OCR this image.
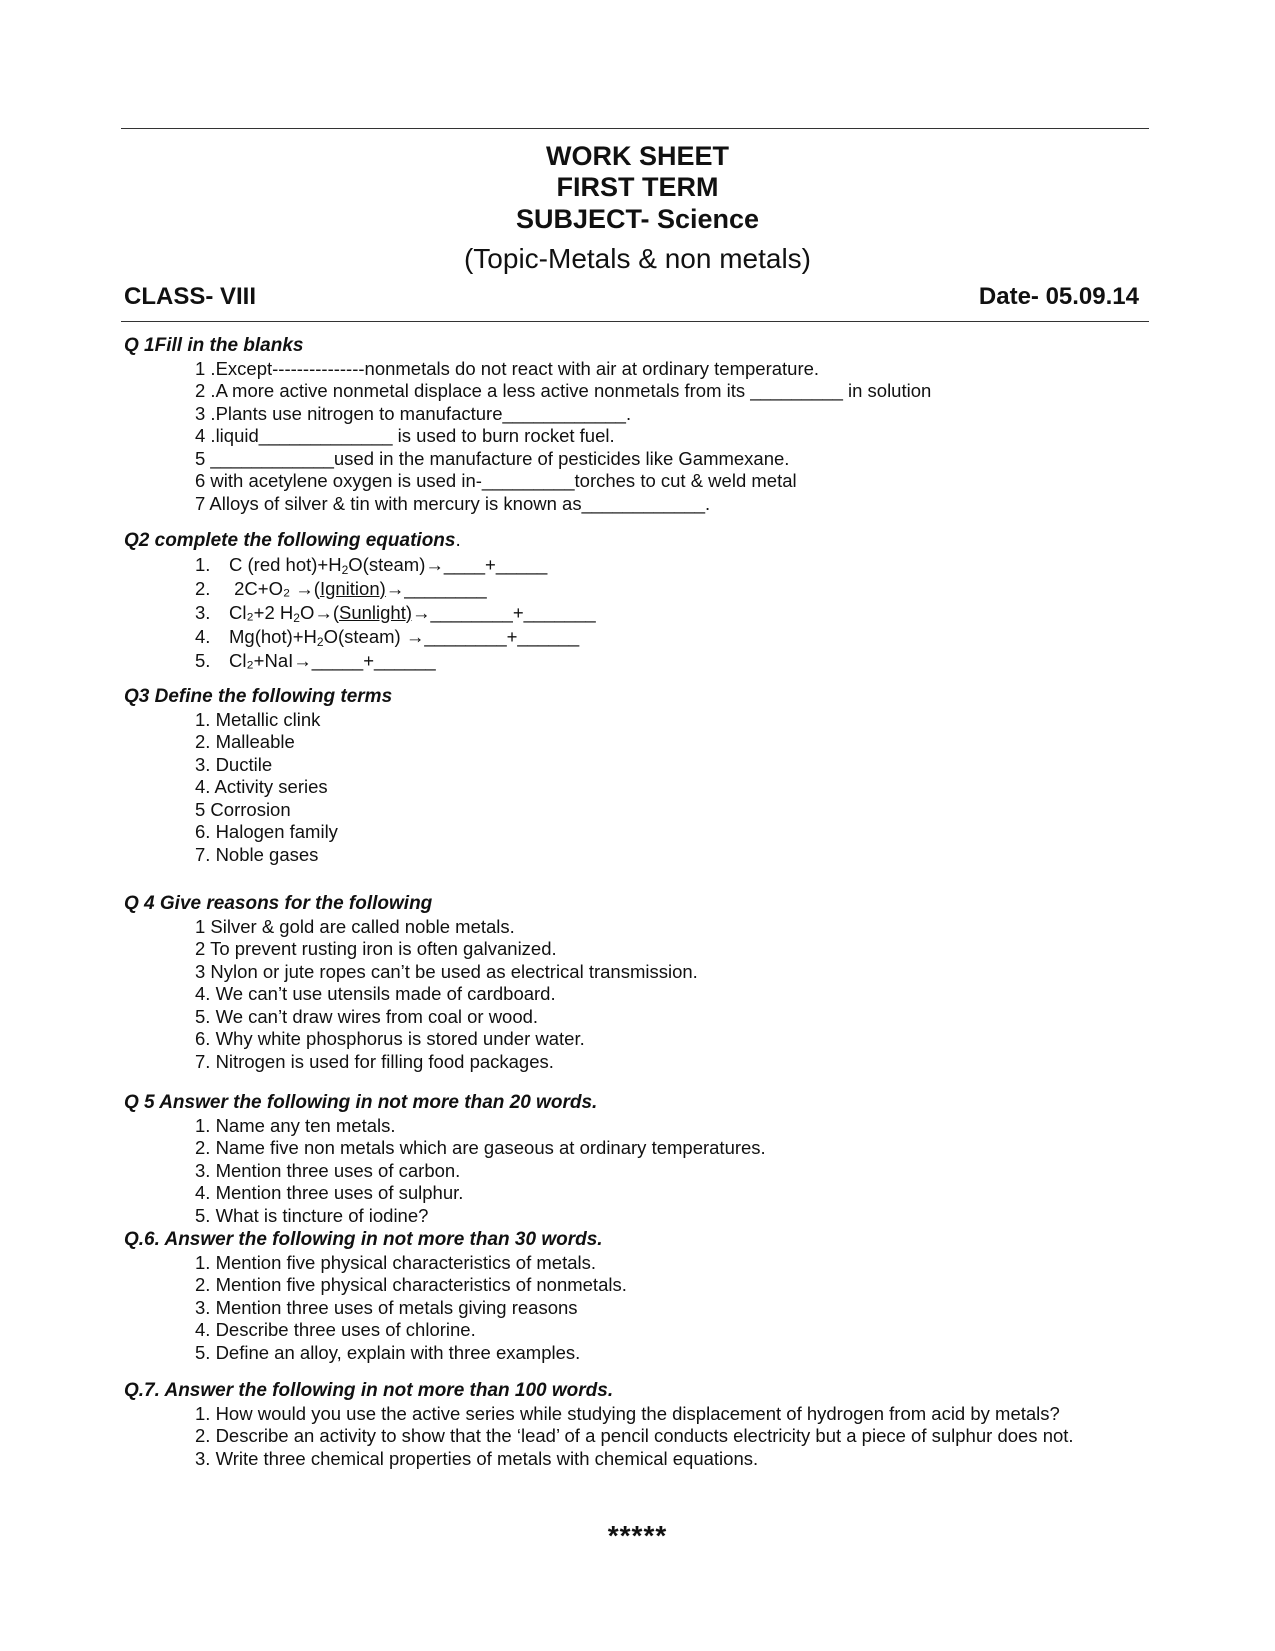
WORK SHEET
FIRST TERM
SUBJECT- Science
(Topic-Metals & non metals)
CLASS- VIII	Date- 05.09.14
Q 1Fill in the blanks
1 .Except---------------nonmetals do not react with air at ordinary temperature.
2 .A more active nonmetal displace a less active nonmetals from its _________ in solution
3 .Plants use nitrogen to manufacture____________.
4 .liquid_____________ is used to burn rocket fuel.
5 ____________used in the manufacture of pesticides like Gammexane.
6 with acetylene oxygen is used in-_________torches to cut & weld metal
7 Alloys of silver & tin with mercury is known as____________.
Q2 complete the following equations.
1. C (red $hot)+H_2O(steam)\to\_\_\_\_+\_\_\_\_\_$
2. 2C+O₂ →(Ignition)→________
3. Cl₂+2 $H_2O\to(Sunlight)\to\_\_\_\_\_\_\_\_+\_\_\_\_\_\_\_$
4. $Mg(hot)+H_2O(steam)$ →________+______
5. Cl₂+NaI→_____+______
Q3 Define the following terms
1. Metallic clink
2. Malleable
3. Ductile
4. Activity series
5 Corrosion
6. Halogen family
7. Noble gases
Q 4 Give reasons for the following
1 Silver & gold are called noble metals.
2 To prevent rusting iron is often galvanized.
3 Nylon or jute ropes can’t be used as electrical transmission.
4. We can’t use utensils made of cardboard.
5. We can’t draw wires from coal or wood.
6. Why white phosphorus is stored under water.
7. Nitrogen is used for filling food packages.
Q 5 Answer the following in not more than 20 words.
1. Name any ten metals.
2. Name five non metals which are gaseous at ordinary temperatures.
3. Mention three uses of carbon.
4. Mention three uses of sulphur.
5. What is tincture of iodine?
Q.6. Answer the following in not more than 30 words.
1. Mention five physical characteristics of metals.
2. Mention five physical characteristics of nonmetals.
3. Mention three uses of metals giving reasons
4. Describe three uses of chlorine.
5. Define an alloy, explain with three examples.
Q.7. Answer the following in not more than 100 words.
1. How would you use the active series while studying the displacement of hydrogen from acid by metals?
2. Describe an activity to show that the ‘lead’ of a pencil conducts electricity but a piece of sulphur does not.
3. Write three chemical properties of metals with chemical equations.
*****
